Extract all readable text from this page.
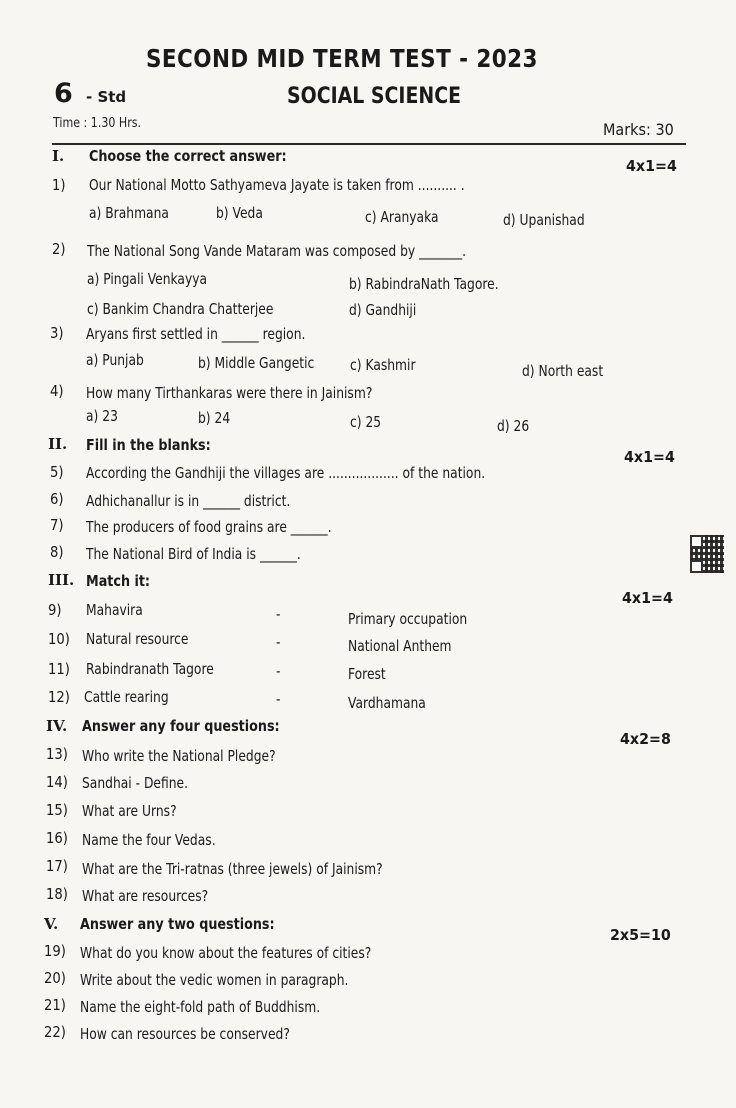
SECOND MID TERM TEST - 2023
6 - Std	SOCIAL SCIENCE
Time : 1.30 Hrs.	Marks: 30
I. Choose the correct answer:
4x1=4
1) Our National Motto Sathyameva Jayate is taken from .......... .
a) Brahmana	b) Veda	c) Aranyaka	d) Upanishad
2) The National Song Vande Mataram was composed by _______.
a) Pingali Venkayya	b) RabindraNath Tagore.
c) Bankim Chandra Chatterjee	d) Gandhiji
3) Aryans first settled in ______ region.
a) Punjab	b) Middle Gangetic c) Kashmir	d) North east
4) How many Tirthankaras were there in Jainism?
a) 23	b) 24	c) 25	d) 26
II. Fill in the blanks:
4x1=4
5) According the Gandhiji the villages are .................. of the nation.
6) Adhichanallur is in ______ district.
7) The producers of food grains are ______.
8) The National Bird of India is ______.
III. Match it:
4x1=4
9) Mahavira	-	Primary occupation
10) Natural resource	-	National Anthem
11) Rabindranath Tagore	-	Forest
12) Cattle rearing	-	Vardhamana
IV. Answer any four questions:
4x2=8
13) Who write the National Pledge?
14) Sandhai - Define.
15) What are Urns?
16) Name the four Vedas.
17) What are the Tri-ratnas (three jewels) of Jainism?
18) What are resources?
V. Answer any two questions:
2x5=10
19) What do you know about the features of cities?
20) Write about the vedic women in paragraph.
21) Name the eight-fold path of Buddhism.
22) How can resources be conserved?
